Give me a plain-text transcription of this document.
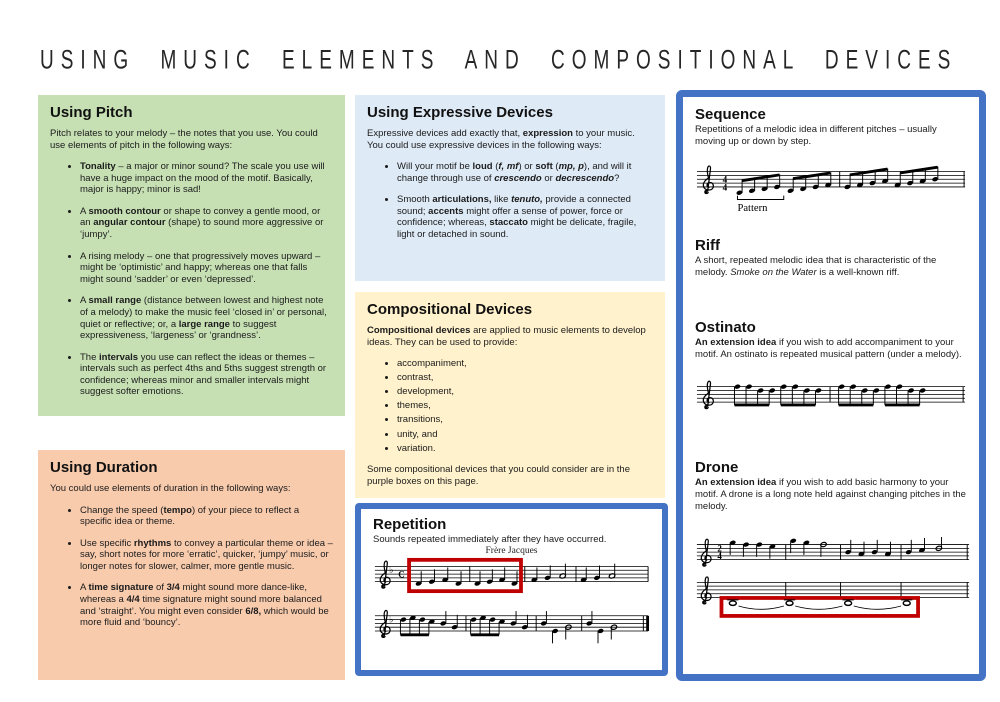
USING MUSIC ELEMENTS AND COMPOSITIONAL DEVICES
Using Pitch

Pitch relates to your melody – the notes that you use. You could use elements of pitch in the following ways:

• Tonality – a major or minor sound? The scale you use will have a huge impact on the mood of the motif. Basically, major is happy; minor is sad!
• A smooth contour or shape to convey a gentle mood, or an angular contour (shape) to sound more aggressive or ‘jumpy’.
• A rising melody – one that progressively moves upward – might be ‘optimistic’ and happy; whereas one that falls might sound ‘sadder’ or even ‘depressed’.
• A small range (distance between lowest and highest note of a melody) to make the music feel ‘closed in’ or personal, quiet or reflective; or, a large range to suggest expressiveness, ‘largeness’ or ‘grandness’.
• The intervals you use can reflect the ideas or themes – intervals such as perfect 4ths and 5ths suggest strength or confidence; whereas minor and smaller intervals might suggest softer emotions.
Using Duration

You could use elements of duration in the following ways:

• Change the speed (tempo) of your piece to reflect a specific idea or theme.
• Use specific rhythms to convey a particular theme or idea – say, short notes for more ‘erratic’, quicker, ‘jumpy’ music, or longer notes for slower, calmer, more gentle music.
• A time signature of 3/4 might sound more dance-like, whereas a 4/4 time signature might sound more balanced and ‘straight’. You might even consider 6/8, which would be more fluid and ‘bouncy’.
Using Expressive Devices

Expressive devices add exactly that, expression to your music. You could use expressive devices in the following ways:

• Will your motif be loud (f, mf) or soft (mp, p), and will it change through use of crescendo or decrescendo?
• Smooth articulations, like tenuto, provide a connected sound; accents might offer a sense of power, force or confidence; whereas, staccato might be delicate, fragile, light or detached in sound.
Compositional Devices

Compositional devices are applied to music elements to develop ideas. They can be used to provide:

• accompaniment,
• contrast,
• development,
• themes,
• transitions,
• unity, and
• variation.

Some compositional devices that you could consider are in the purple boxes on this page.

Repetition

Sounds repeated immediately after they have occurred.

Frère Jacques

♭ C
♭
Sequence

Repetitions of a melodic idea in different pitches – usually moving up or down by step.

4
4
Pattern
Riff

A short, repeated melodic idea that is characteristic of the melody. Smoke on the Water is a well-known riff.

Ostinato

An extension idea if you wish to add accompaniment to your motif. An ostinato is repeated musical pattern (under a melody).

Drone

An extension idea if you wish to add basic harmony to your motif. A drone is a long note held against changing pitches in the melody.

2
4
